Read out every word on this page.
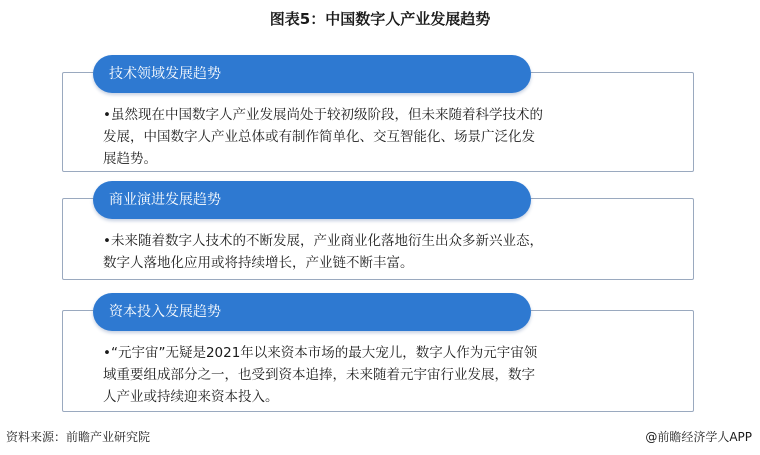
图表5：中国数字人产业发展趋势
技术领域发展趋势
•虽然现在中国数字人产业发展尚处于较初级阶段，但未来随着科学技术的
发展，中国数字人产业总体或有制作简单化、交互智能化、场景广泛化发
展趋势。
商业演进发展趋势
•未来随着数字人技术的不断发展，产业商业化落地衍生出众多新兴业态，
数字人落地化应用或将持续增长，产业链不断丰富。
资本投入发展趋势
•“元宇宙”无疑是2021年以来资本市场的最大宠儿，数字人作为元宇宙领
域重要组成部分之一，也受到资本追捧，未来随着元宇宙行业发展，数字
人产业或持续迎来资本投入。
资料来源：前瞻产业研究院	@前瞻经济学人APP
